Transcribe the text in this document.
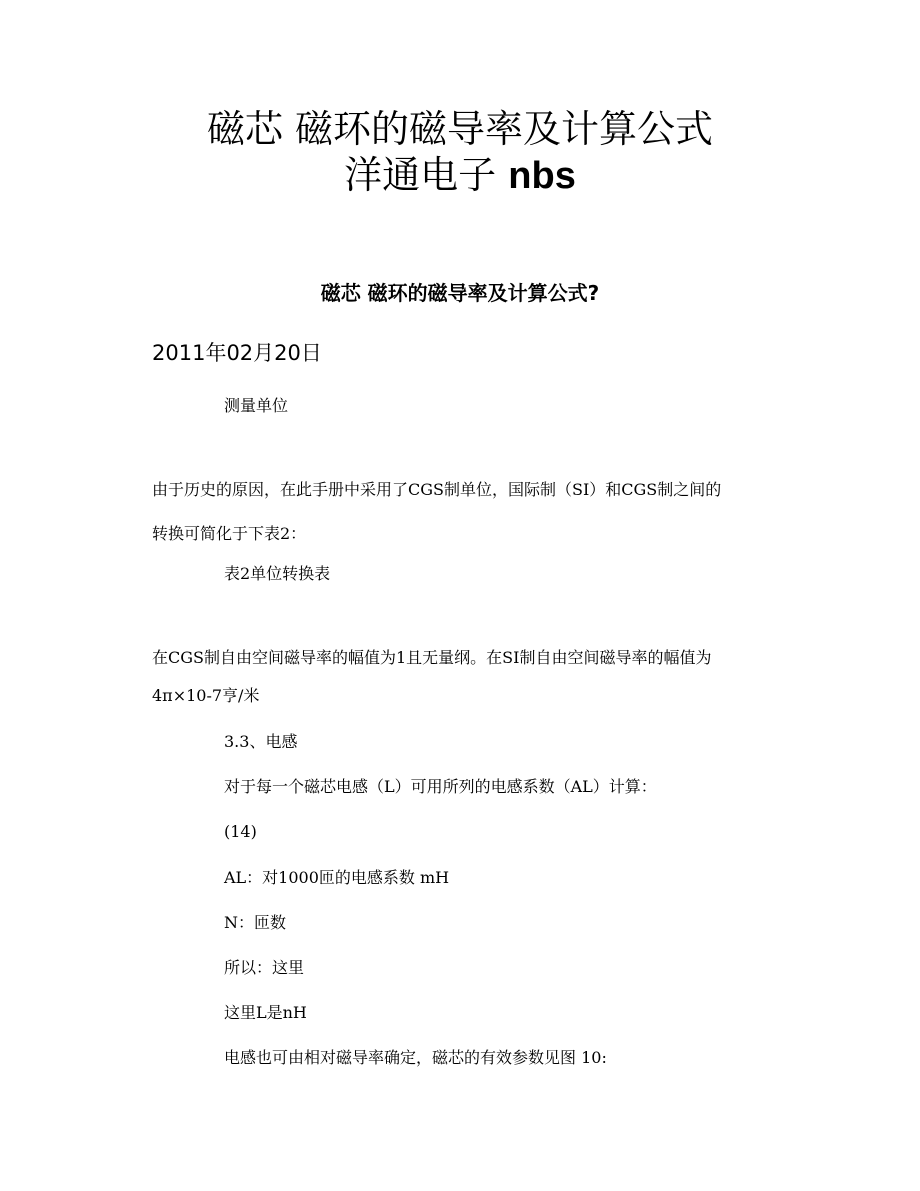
磁芯 磁环的磁导率及计算公式
洋通电子 nbs
磁芯 磁环的磁导率及计算公式?
2011年02月20日
测量单位
由于历史的原因，在此手册中采用了CGS制单位，国际制（SI）和CGS制之间的
转换可简化于下表2：
表2单位转换表
在CGS制自由空间磁导率的幅值为1且无量纲。在SI制自由空间磁导率的幅值为
4π×10-7亨/米
3.3、电感
对于每一个磁芯电感（L）可用所列的电感系数（AL）计算：
(14)
AL：对1000匝的电感系数 mH
N：匝数
所以：这里
这里L是nH
电感也可由相对磁导率确定，磁芯的有效参数见图 10:
